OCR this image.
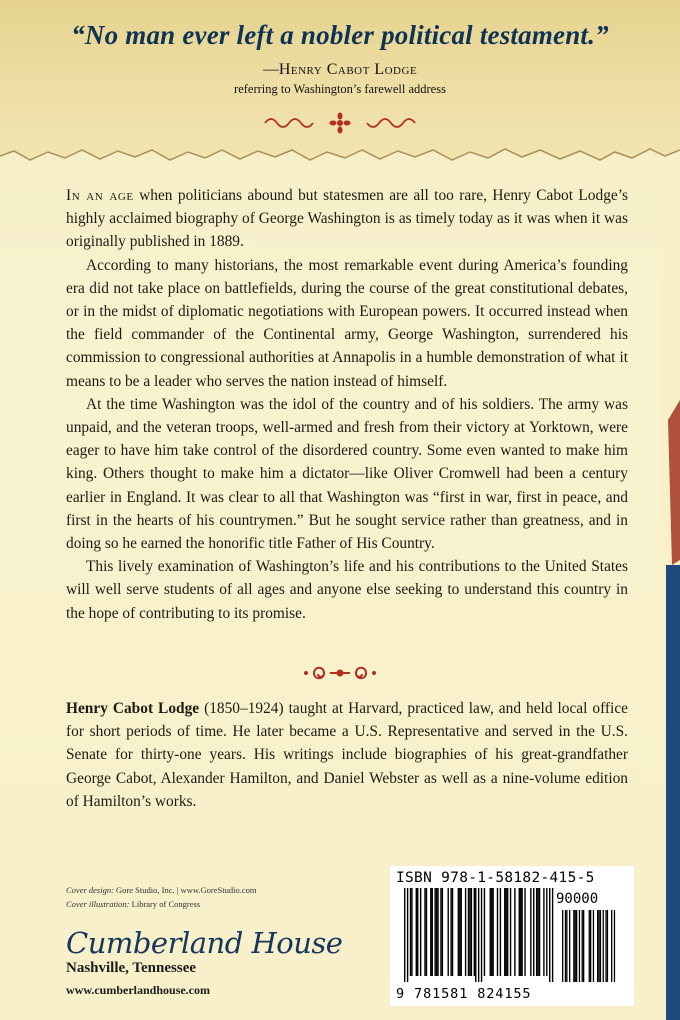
“No man ever left a nobler political testament.”
—Henry Cabot Lodge
referring to Washington’s farewell address

In an age when politicians abound but statesmen are all too rare, Henry Cabot Lodge’s highly acclaimed biography of George Washington is as timely today as it was when it was originally published in 1889.

According to many historians, the most remarkable event during America’s founding era did not take place on battlefields, during the course of the great constitutional debates, or in the midst of diplomatic negotiations with European powers. It occurred instead when the field commander of the Continental army, George Washington, surrendered his commission to congressional authorities at Annapolis in a humble demonstration of what it means to be a leader who serves the nation instead of himself.

At the time Washington was the idol of the country and of his soldiers. The army was unpaid, and the veteran troops, well-armed and fresh from their victory at Yorktown, were eager to have him take control of the disordered country. Some even wanted to make him king. Others thought to make him a dictator—like Oliver Cromwell had been a century earlier in England. It was clear to all that Washington was “first in war, first in peace, and first in the hearts of his countrymen.” But he sought service rather than greatness, and in doing so he earned the honorific title Father of His Country.

This lively examination of Washington’s life and his contributions to the United States will well serve students of all ages and anyone else seeking to understand this country in the hope of contributing to its promise.

Henry Cabot Lodge (1850–1924) taught at Harvard, practiced law, and held local office for short periods of time. He later became a U.S. Representative and served in the U.S. Senate for thirty-one years. His writings include biographies of his great-grandfather George Cabot, Alexander Hamilton, and Daniel Webster as well as a nine-volume edition of Hamilton’s works.
Cover design: Gore Studio, Inc. | www.GoreStudio.com
Cover illustration: Library of Congress
Cumberland House
Nashville, Tennessee
www.cumberlandhouse.com
ISBN 978-1-58182-415-5
90000
9 781581 824155
